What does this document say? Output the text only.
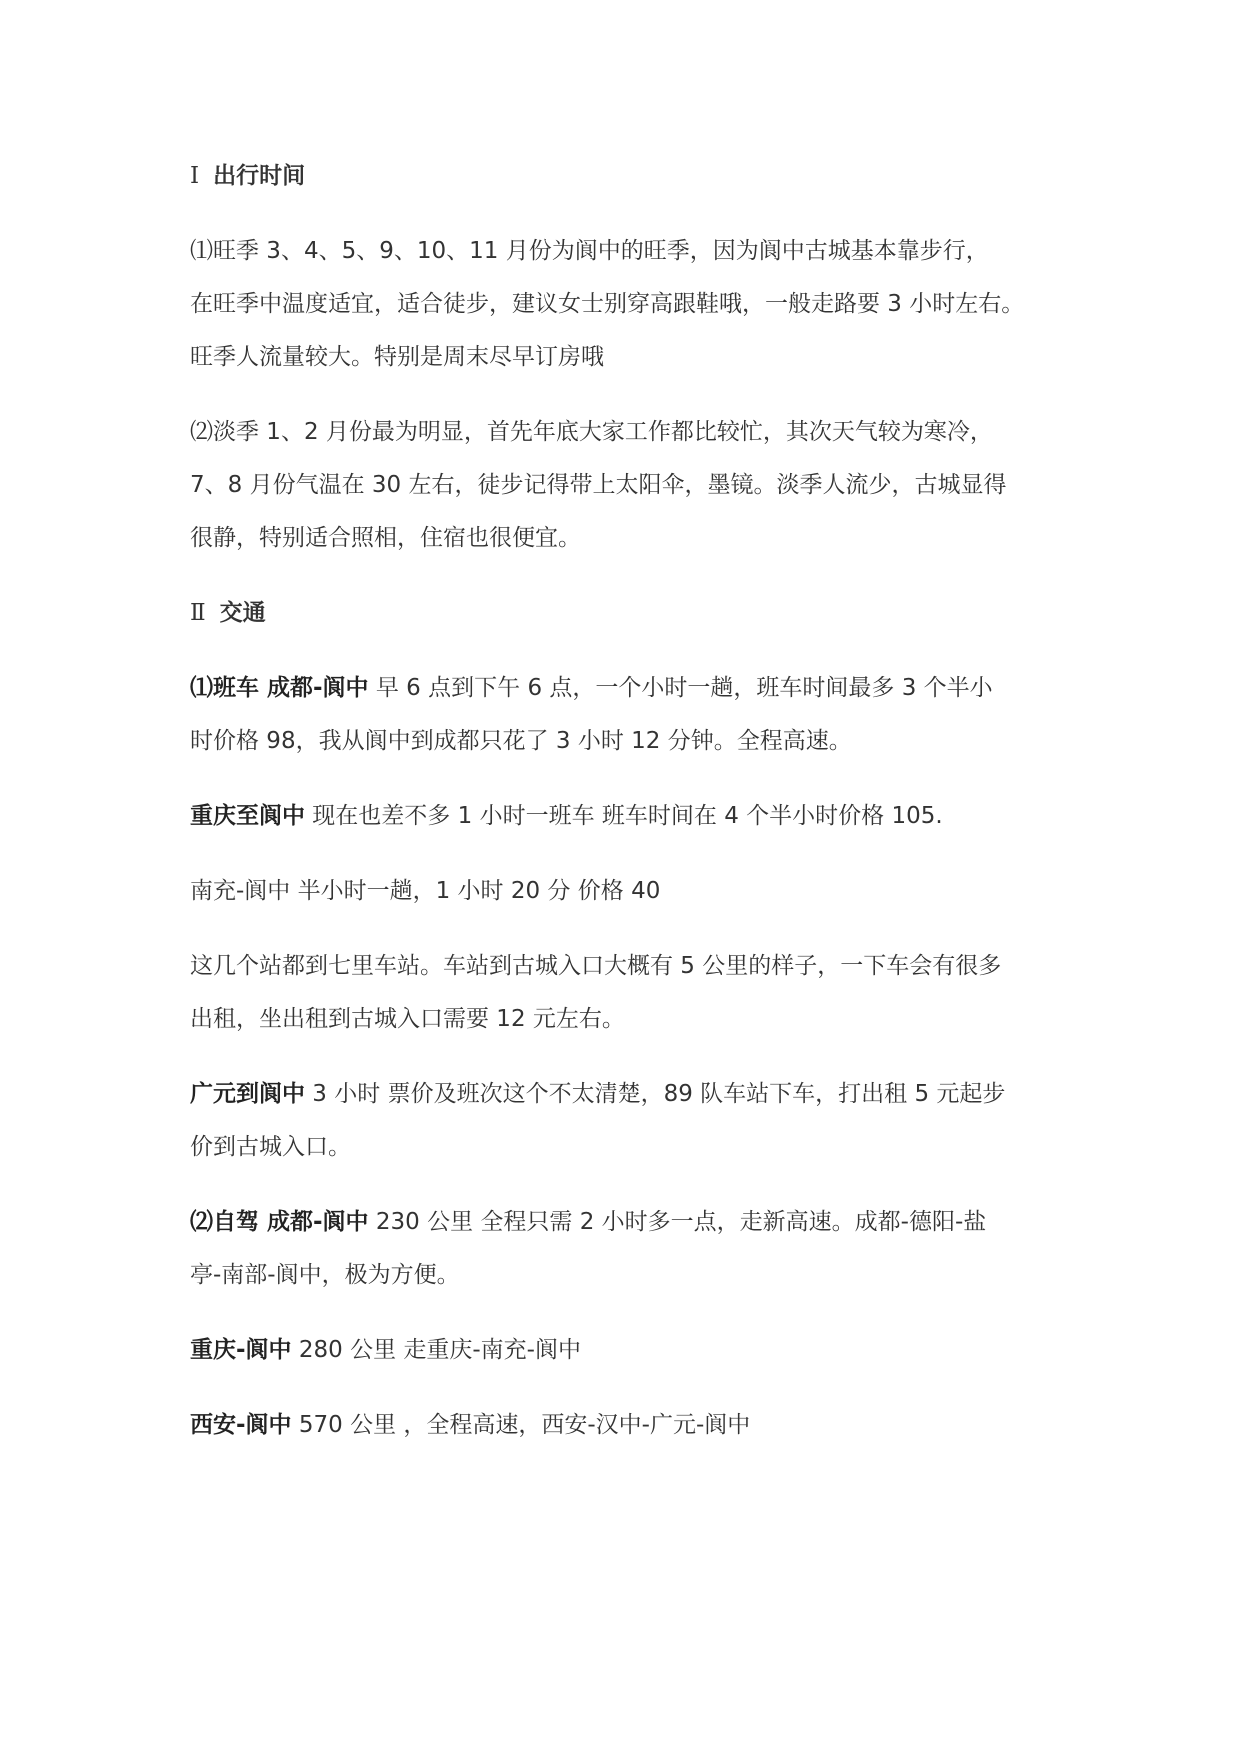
Ⅰ 出行时间
⑴旺季 3、4、5、9、10、11 月份为阆中的旺季，因为阆中古城基本靠步行，
在旺季中温度适宜，适合徒步，建议女士别穿高跟鞋哦，一般走路要 3 小时左右。
旺季人流量较大。特别是周末尽早订房哦
⑵淡季 1、2 月份最为明显，首先年底大家工作都比较忙，其次天气较为寒冷，
7、8 月份气温在 30 左右，徒步记得带上太阳伞，墨镜。淡季人流少，古城显得
很静，特别适合照相，住宿也很便宜。
Ⅱ 交通
⑴班车 成都-阆中 早 6 点到下午 6 点，一个小时一趟，班车时间最多 3 个半小
时价格 98，我从阆中到成都只花了 3 小时 12 分钟。全程高速。
重庆至阆中 现在也差不多 1 小时一班车 班车时间在 4 个半小时价格 105.
南充-阆中 半小时一趟，1 小时 20 分 价格 40
这几个站都到七里车站。车站到古城入口大概有 5 公里的样子，一下车会有很多
出租，坐出租到古城入口需要 12 元左右。
广元到阆中 3 小时 票价及班次这个不太清楚，89 队车站下车，打出租 5 元起步
价到古城入口。
⑵自驾 成都-阆中 230 公里 全程只需 2 小时多一点，走新高速。成都-德阳-盐
亭-南部-阆中，极为方便。
重庆-阆中 280 公里 走重庆-南充-阆中
西安-阆中 570 公里 ，全程高速，西安-汉中-广元-阆中
